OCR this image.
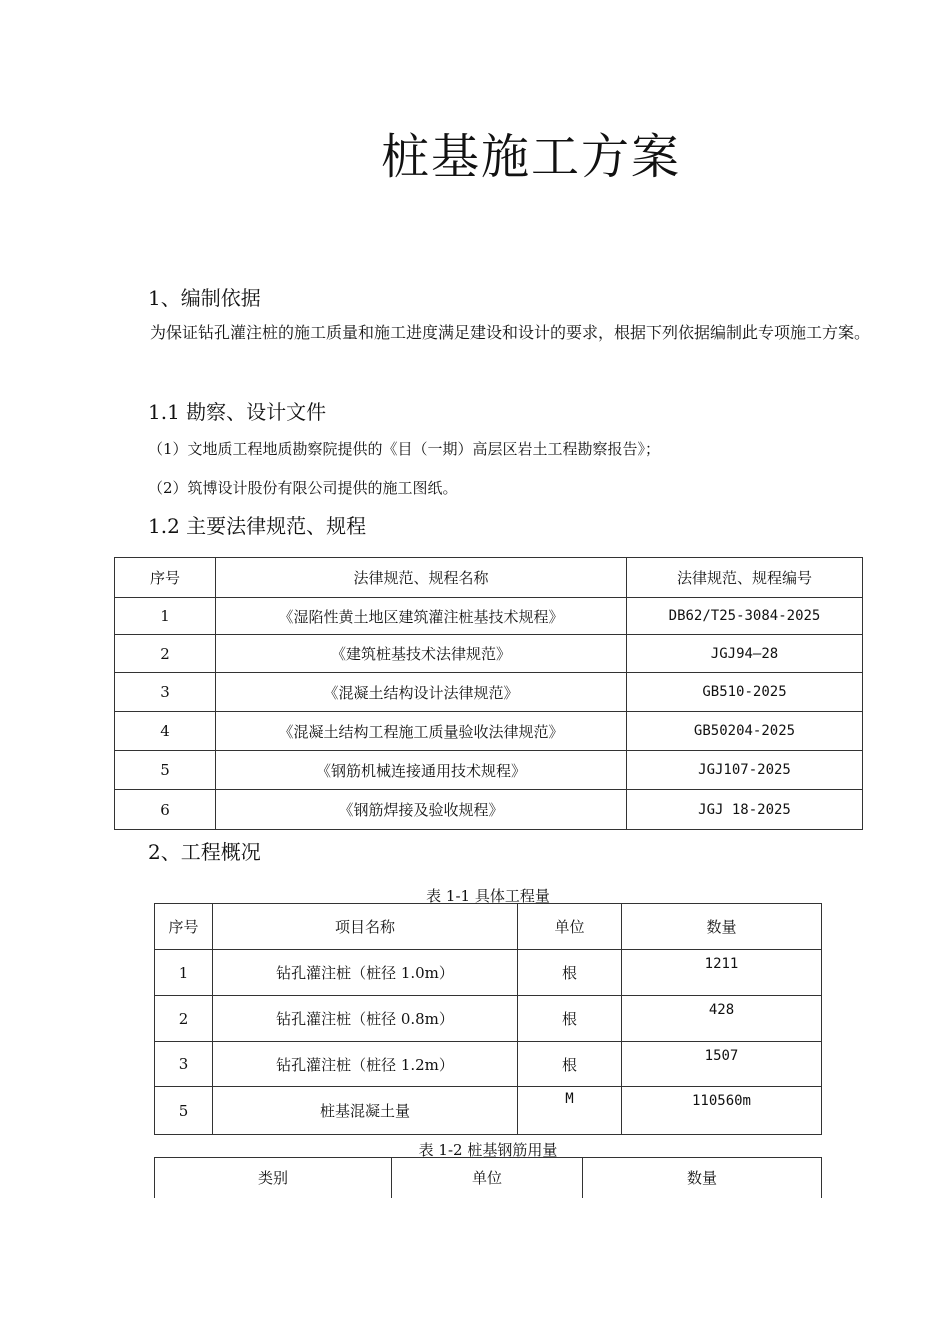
桩基施工方案
1、编制依据
为保证钻孔灌注桩的施工质量和施工进度满足建设和设计的要求，根据下列依据编制此专项施工方案。
1.1 勘察、设计文件
（1）文地质工程地质勘察院提供的《目（一期）高层区岩土工程勘察报告》；
（2）筑博设计股份有限公司提供的施工图纸。
1.2 主要法律规范、规程
序号	法律规范、规程名称	法律规范、规程编号
1	《湿陷性黄土地区建筑灌注桩基技术规程》	DB62/T25-3084-2025
2	《建筑桩基技术法律规范》	JGJ94—28
3	《混凝土结构设计法律规范》	GB510-2025
4	《混凝土结构工程施工质量验收法律规范》	GB50204-2025
5	《钢筋机械连接通用技术规程》	JGJ107-2025
6	《钢筋焊接及验收规程》	JGJ 18-2025
2、工程概况
表 1-1 具体工程量
序号	项目名称	单位	数量
1	钻孔灌注桩（桩径 1.0m）	根	1211
2	钻孔灌注桩（桩径 0.8m）	根	428
3	钻孔灌注桩（桩径 1.2m）	根	1507
5	桩基混凝土量	M	110560m
表 1-2 桩基钢筋用量
类别	单位	数量
